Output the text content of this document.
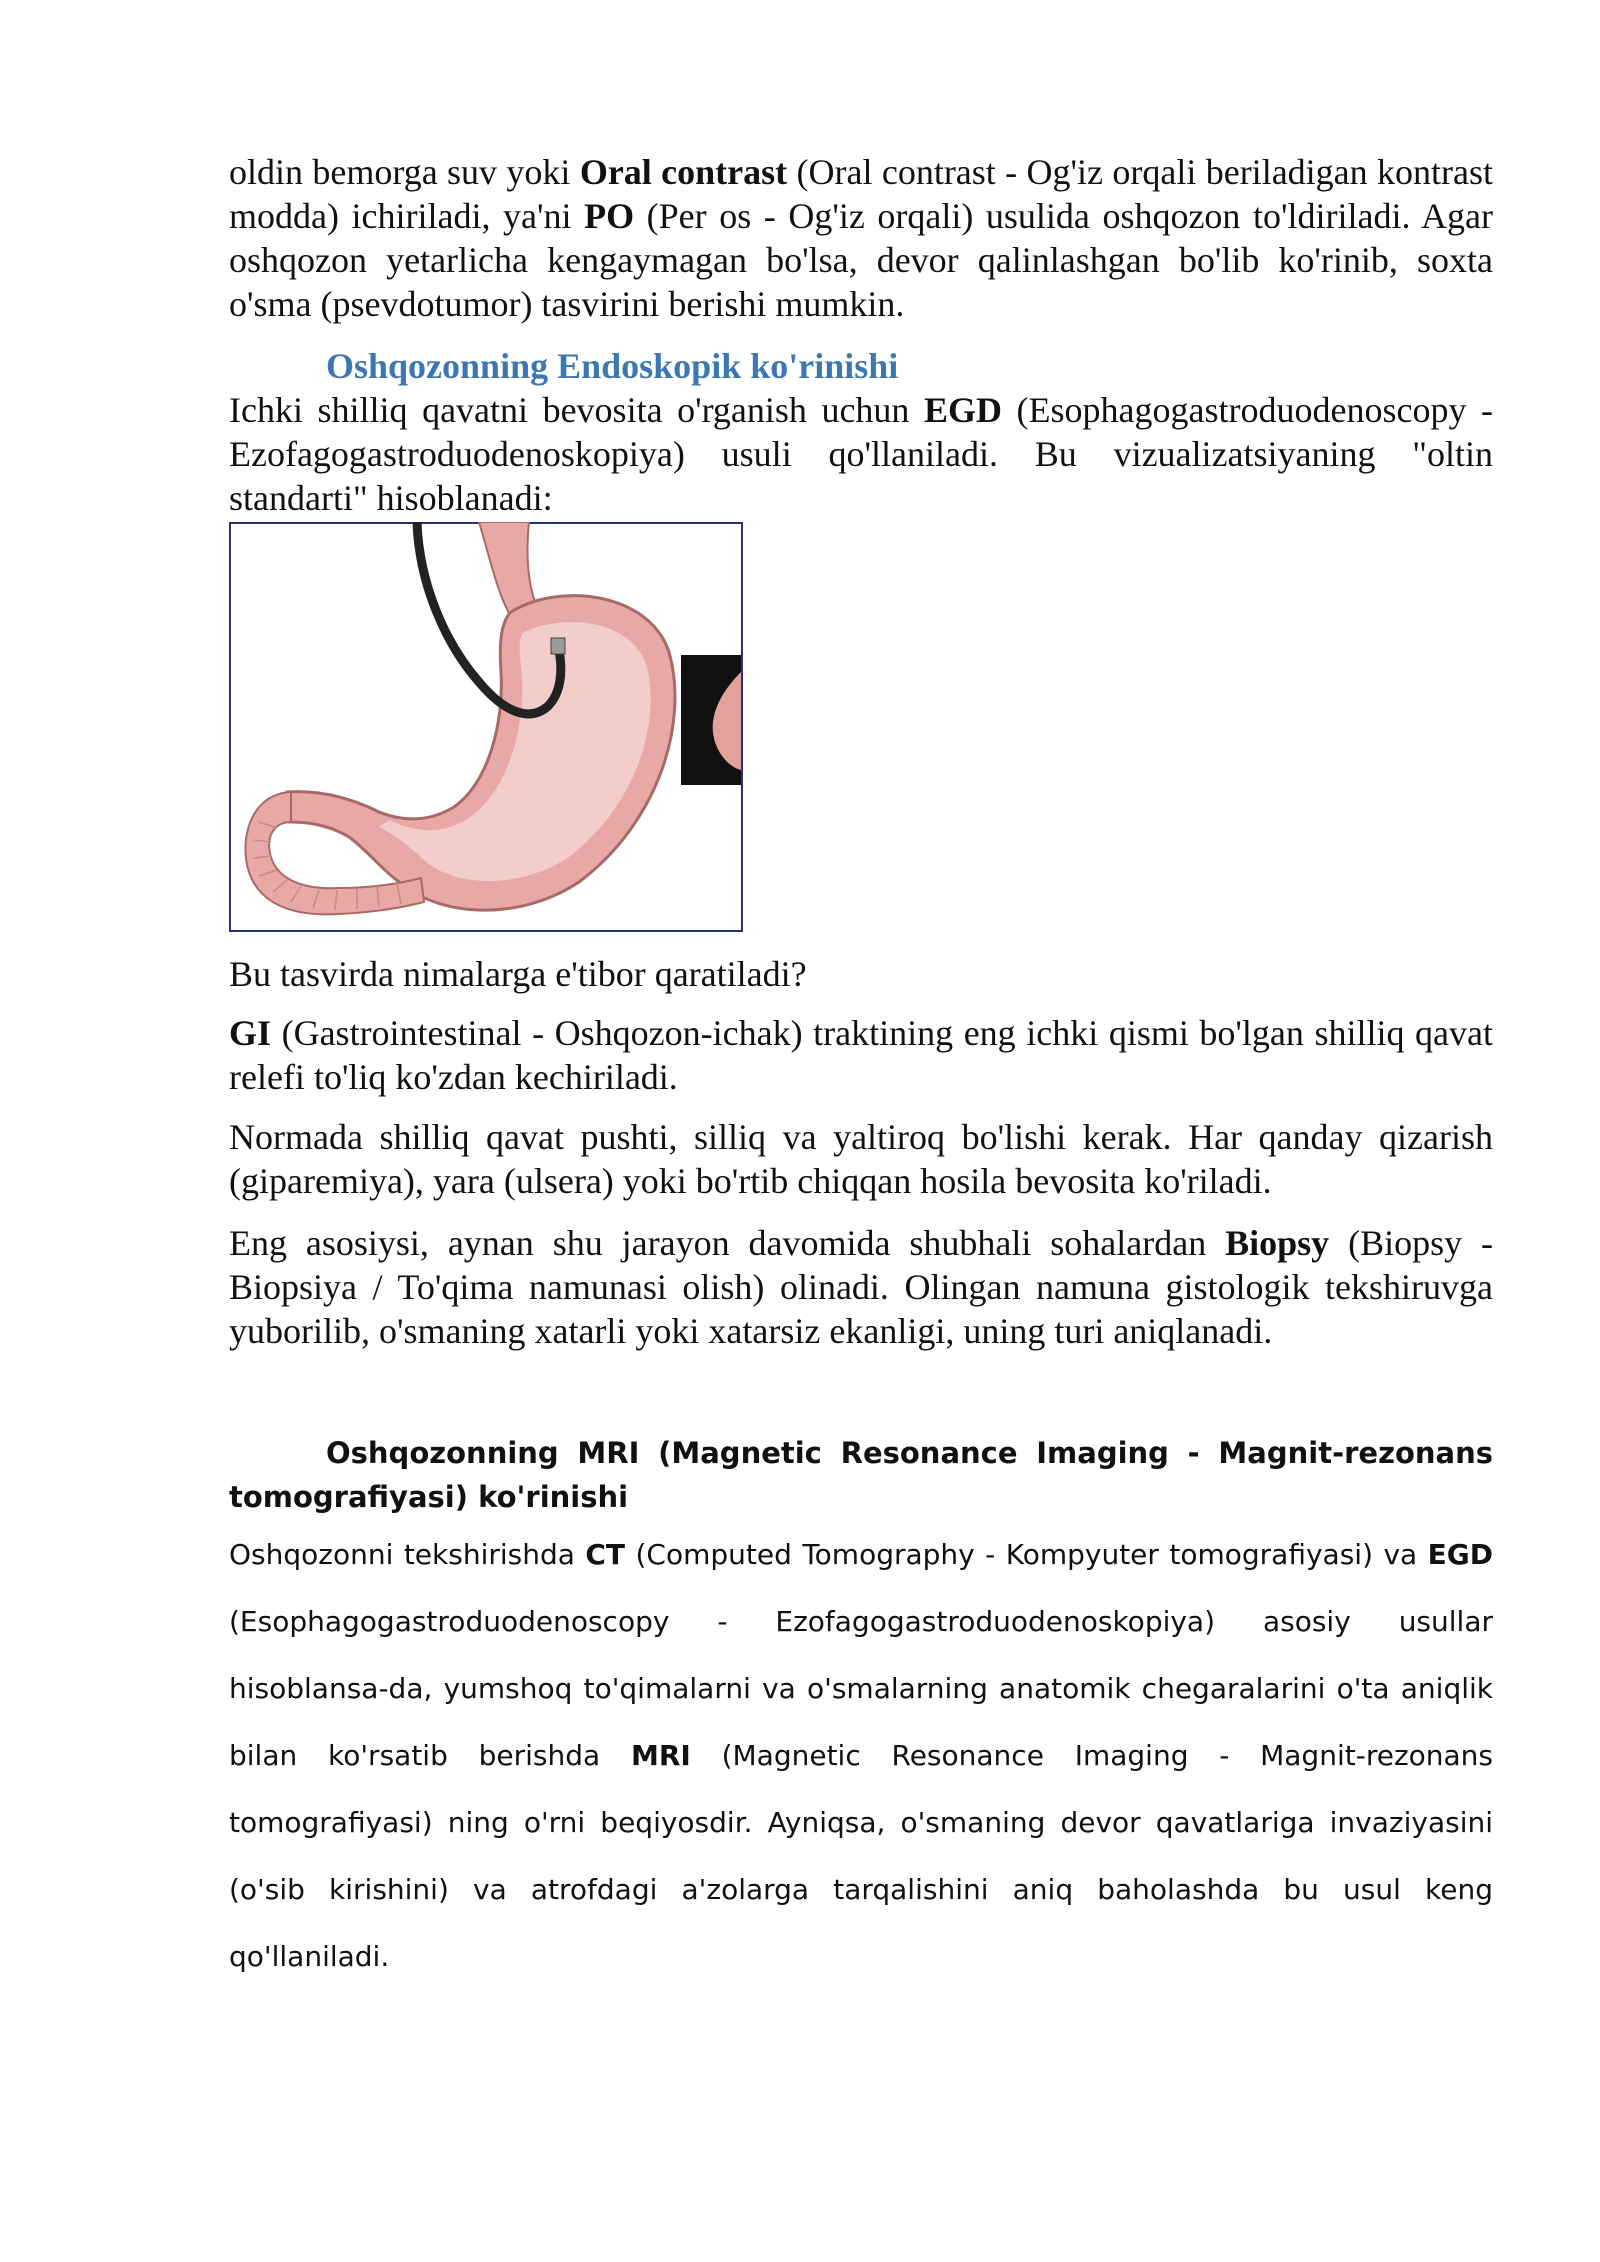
oldin bemorga suv yoki Oral contrast (Oral contrast - Og'iz orqali beriladigan kontrast modda) ichiriladi, ya'ni PO (Per os - Og'iz orqali) usulida oshqozon to'ldiriladi. Agar oshqozon yetarlicha kengaymagan bo'lsa, devor qalinlashgan bo'lib ko'rinib, soxta o'sma (psevdotumor) tasvirini berishi mumkin.

Oshqozonning Endoskopik ko'rinishi

Ichki shilliq qavatni bevosita o'rganish uchun EGD (Esophagogastroduodenoscopy - Ezofagogastroduodenoskopiya) usuli qo'llaniladi. Bu vizualizatsiyaning "oltin standarti" hisoblanadi:

Bu tasvirda nimalarga e'tibor qaratiladi?

GI (Gastrointestinal - Oshqozon-ichak) traktining eng ichki qismi bo'lgan shilliq qavat relefi to'liq ko'zdan kechiriladi.

Normada shilliq qavat pushti, silliq va yaltiroq bo'lishi kerak. Har qanday qizarish (giparemiya), yara (ulsera) yoki bo'rtib chiqqan hosila bevosita ko'riladi.

Eng asosiysi, aynan shu jarayon davomida shubhali sohalardan Biopsy (Biopsy - Biopsiya / To'qima namunasi olish) olinadi. Olingan namuna gistologik tekshiruvga yuborilib, o'smaning xatarli yoki xatarsiz ekanligi, uning turi aniqlanadi.

Oshqozonning MRI (Magnetic Resonance Imaging - Magnit-rezonans tomografiyasi) ko'rinishi

Oshqozonni tekshirishda CT (Computed Tomography - Kompyuter tomografiyasi) va EGD (Esophagogastroduodenoscopy - Ezofagogastroduodenoskopiya) asosiy usullar hisoblansa-da, yumshoq to'qimalarni va o'smalarning anatomik chegaralarini o'ta aniqlik bilan ko'rsatib berishda MRI (Magnetic Resonance Imaging - Magnit-rezonans tomografiyasi) ning o'rni beqiyosdir. Ayniqsa, o'smaning devor qavatlariga invaziyasini (o'sib kirishini) va atrofdagi a'zolarga tarqalishini aniq baholashda bu usul keng qo'llaniladi.
